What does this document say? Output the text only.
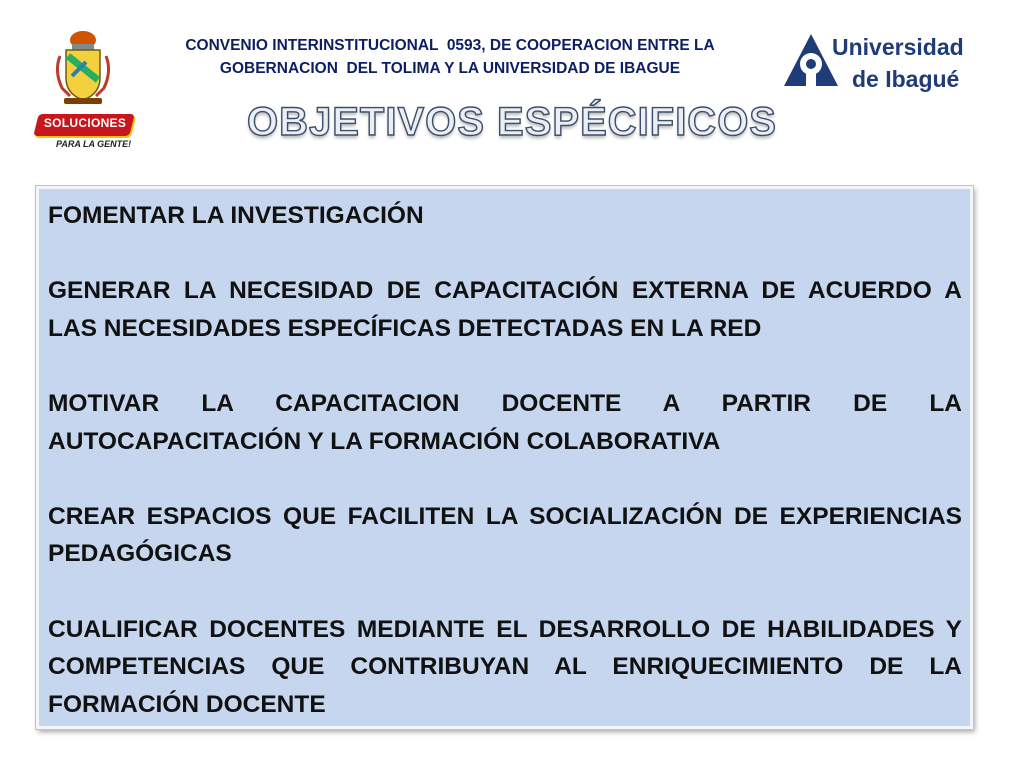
SOLUCIONES
PARA LA GENTE!
CONVENIO INTERINSTITUCIONAL  0593, DE COOPERACION ENTRE LA
GOBERNACION  DEL TOLIMA Y LA UNIVERSIDAD DE IBAGUE
Universidad
de Ibagué
OBJETIVOS ESPÉCIFICOS
FOMENTAR LA INVESTIGACIÓN
GENERAR LA NECESIDAD DE CAPACITACIÓN EXTERNA DE ACUERDO A LAS NECESIDADES ESPECÍFICAS DETECTADAS EN LA RED
MOTIVAR LA CAPACITACION DOCENTE A PARTIR DE LA AUTOCAPACITACIÓN Y LA FORMACIÓN COLABORATIVA
CREAR ESPACIOS QUE FACILITEN LA SOCIALIZACIÓN DE EXPERIENCIAS PEDAGÓGICAS
CUALIFICAR DOCENTES MEDIANTE EL DESARROLLO DE HABILIDADES Y COMPETENCIAS QUE CONTRIBUYAN AL ENRIQUECIMIENTO DE LA FORMACIÓN DOCENTE
